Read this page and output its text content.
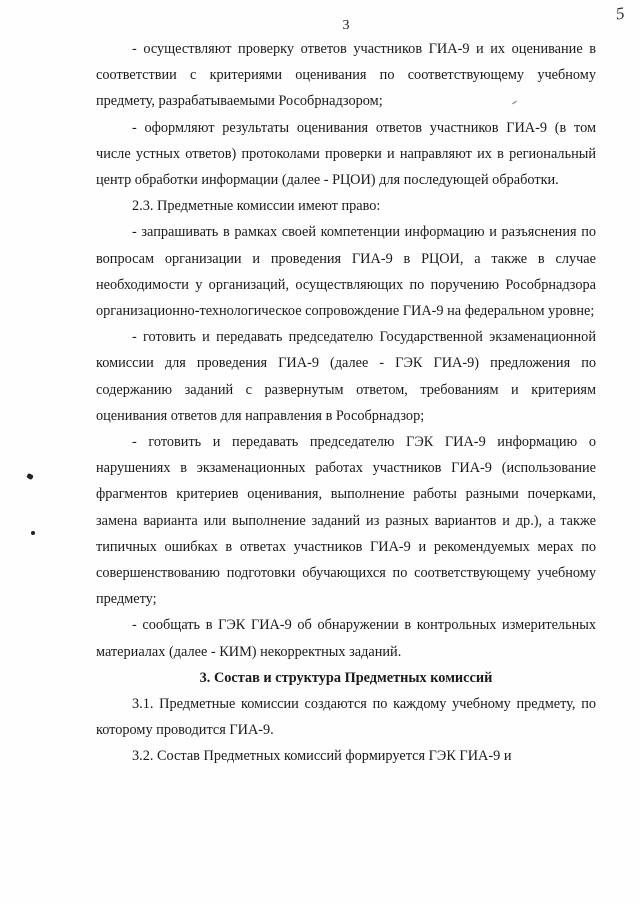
3
5

- осуществляют проверку ответов участников ГИА-9 и их оценивание в соответствии с критериями оценивания по соответствующему учебному предмету, разрабатываемыми Рособрнадзором;

- оформляют результаты оценивания ответов участников ГИА-9 (в том числе устных ответов) протоколами проверки и направляют их в региональный центр обработки информации (далее - РЦОИ) для последующей обработки.

2.3. Предметные комиссии имеют право:

- запрашивать в рамках своей компетенции информацию и разъяснения по вопросам организации и проведения ГИА-9 в РЦОИ, а также в случае необходимости у организаций, осуществляющих по поручению Рособрнадзора организационно-технологическое сопровождение ГИА-9 на федеральном уровне;

- готовить и передавать председателю Государственной экзаменационной комиссии для проведения ГИА-9 (далее - ГЭК ГИА-9) предложения по содержанию заданий с развернутым ответом, требованиям и критериям оценивания ответов для направления в Рособрнадзор;

- готовить и передавать председателю ГЭК ГИА-9 информацию о нарушениях в экзаменационных работах участников ГИА-9 (использование фрагментов критериев оценивания, выполнение работы разными почерками, замена варианта или выполнение заданий из разных вариантов и др.), а также типичных ошибках в ответах участников ГИА-9 и рекомендуемых мерах по совершенствованию подготовки обучающихся по соответствующему учебному предмету;

- сообщать в ГЭК ГИА-9 об обнаружении в контрольных измерительных материалах (далее - КИМ) некорректных заданий.

3. Состав и структура Предметных комиссий

3.1. Предметные комиссии создаются по каждому учебному предмету, по которому проводится ГИА-9.

3.2. Состав Предметных комиссий формируется ГЭК ГИА-9 и
